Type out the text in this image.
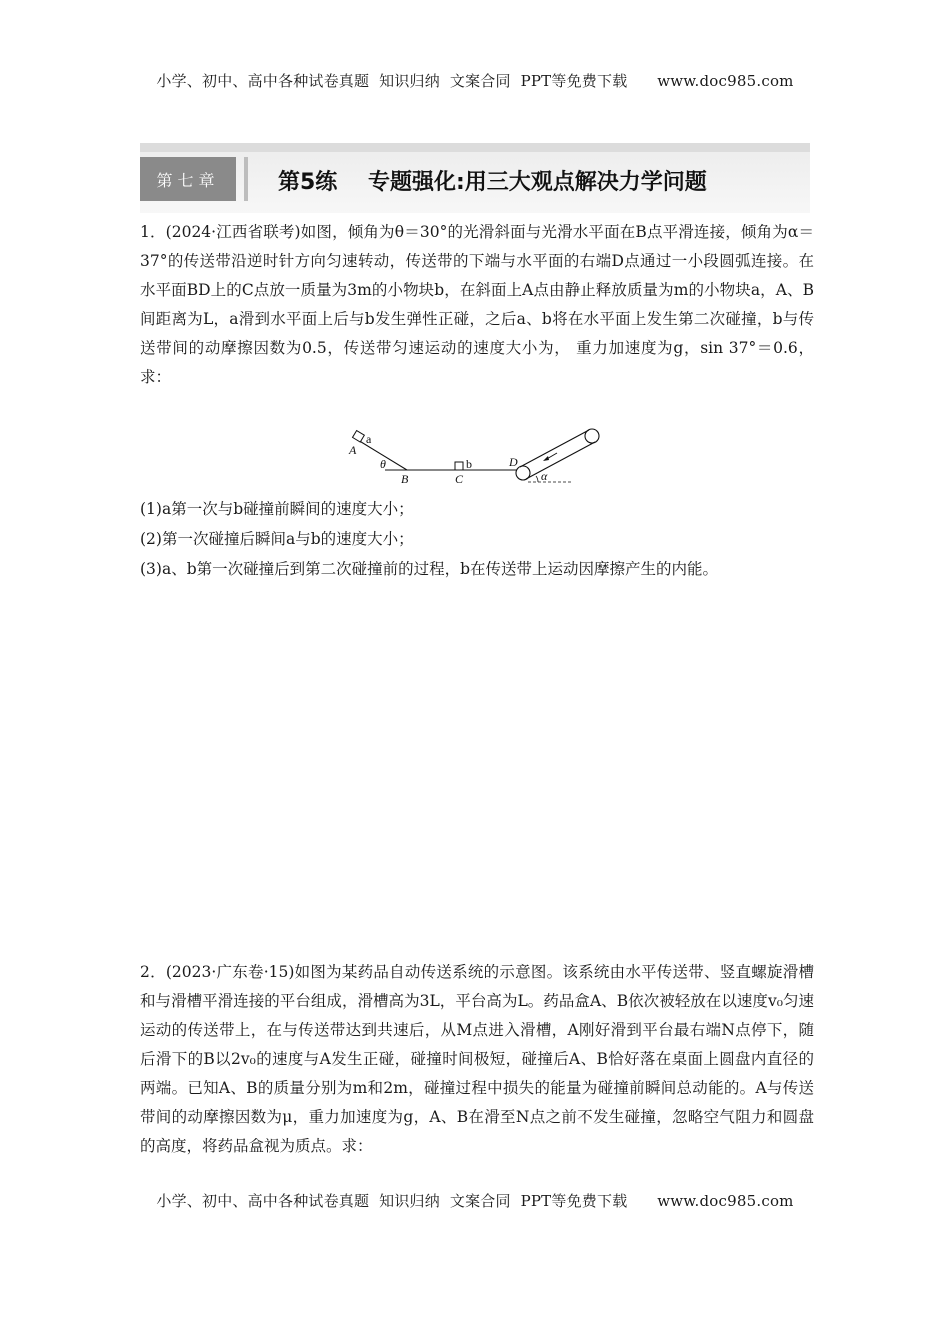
小学、初中、高中各种试卷真题  知识归纳  文案合同  PPT等免费下载      www.doc985.com
第七章	第5练    专题强化:用三大观点解决力学问题
1．(2024·江西省联考)如图，倾角为θ＝30°的光滑斜面与光滑水平面在B点平滑连接，倾角为α＝37°的传送带沿逆时针方向匀速转动，传送带的下端与水平面的右端D点通过一小段圆弧连接。在水平面BD上的C点放一质量为3m的小物块b，在斜面上A点由静止释放质量为m的小物块a，A、B间距离为L，a滑到水平面上后与b发生弹性正碰，之后a、b将在水平面上发生第二次碰撞，b与传送带间的动摩擦因数为0.5，传送带匀速运动的速度大小为， 重力加速度为g，sin 37°＝0.6，求：
a
A
θ
B
b
C
D
α
(1)a第一次与b碰撞前瞬间的速度大小；
(2)第一次碰撞后瞬间a与b的速度大小；
(3)a、b第一次碰撞后到第二次碰撞前的过程，b在传送带上运动因摩擦产生的内能。
2．(2023·广东卷·15)如图为某药品自动传送系统的示意图。该系统由水平传送带、竖直螺旋滑槽和与滑槽平滑连接的平台组成，滑槽高为3L，平台高为L。药品盒A、B依次被轻放在以速度v₀匀速运动的传送带上，在与传送带达到共速后，从M点进入滑槽，A刚好滑到平台最右端N点停下，随后滑下的B以2v₀的速度与A发生正碰，碰撞时间极短，碰撞后A、B恰好落在桌面上圆盘内直径的两端。已知A、B的质量分别为m和2m，碰撞过程中损失的能量为碰撞前瞬间总动能的。A与传送带间的动摩擦因数为μ，重力加速度为g，A、B在滑至N点之前不发生碰撞，忽略空气阻力和圆盘的高度，将药品盒视为质点。求：
小学、初中、高中各种试卷真题  知识归纳  文案合同  PPT等免费下载      www.doc985.com
